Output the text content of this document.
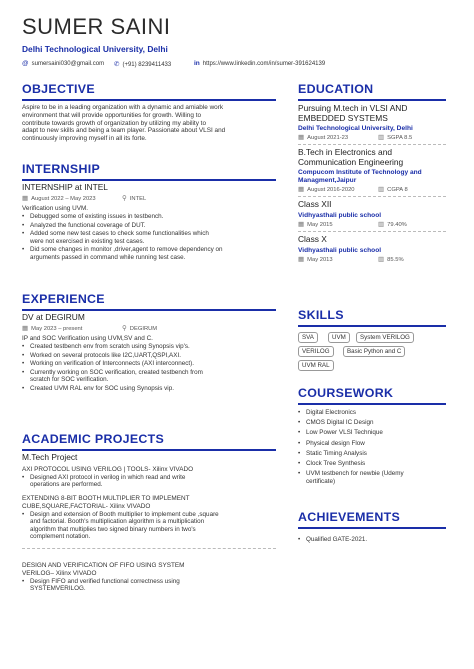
SUMER SAINI
Delhi Technological University, Delhi
@ sumersaini030@gmail.com ✆ (+91) 8239411433	in https://www.linkedin.com/in/sumer-391624139
OBJECTIVE
Aspire to be in a leading organization with a dynamic and amiable work
environment that will provide opportunities for growth. Willing to
contribute towards growth of organization by utilizing my ability to
adapt to new skills and being a team player. Passionate about VLSI and
continuously improving myself in all its forte.
INTERNSHIP
INTERNSHIP at INTEL
▦ August 2022 – May 2023	⚲ INTEL
Verification using UVM.
• Debugged some of existing issues in testbench.
• Analyzed the functional coverage of DUT.
• Added some new test cases to check some functionalities which
were not exercised in existing test cases.
• Did some changes in monitor ,driver,agent to remove dependency on
arguments passed in command while running test case.
EXPERIENCE
DV at DEGIRUM
▦ May 2023 – present	⚲ DEGIRUM
IP and SOC Verification using UVM,SV and C.
• Created testbench env from scratch using Synopsis vip's.
• Worked on several protocols like I2C,UART,QSPI,AXI.
• Working on verification of Interconnects (AXI interconnect).
• Currently working on SOC verification, created testbench from
scratch for SOC verification.
• Created UVM RAL env for SOC using Synopsis vip.
ACADEMIC PROJECTS
M.Tech Project
AXI PROTOCOL USING VERILOG | TOOLS- Xilinx VIVADO
• Designed AXI protocol in verilog in which read and write
operations are performed.
EXTENDING 8-BIT BOOTH MULTIPLIER TO IMPLEMENT
CUBE,SQUARE,FACTORIAL- Xilinx VIVADO
• Design and extension of Booth multiplier to implement cube ,square
and factorial. Booth's multiplication algorithm is a multiplication
algorithm that multiplies two signed binary numbers in two's
complement notation.
DESIGN AND VERIFICATION OF FIFO USING SYSTEM
VERILOG– Xilinx VIVADO
• Design FIFO and verified functional correctness using
SYSTEMVERILOG.
EDUCATION
Pursuing M.tech in VLSI AND
EMBEDDED SYSTEMS
Delhi Technological University, Delhi
▦ August 2021-23	▥ SGPA 8.5
B.Tech in Electronics and
Communication Engineering
Compucom Institute of Technology and
Managment,Jaipur
▦ August 2016-2020	▥ CGPA 8
Class XII
Vidhyasthali public school
▦ May 2015	▥ 79.40%
Class X
Vidhyasthali public school
▦ May 2013	▥ 85.5%
SKILLS
SVA	UVM	System VERILOG
VERILOG	Basic Python and C
UVM RAL
COURSEWORK
• Digital Electronics
• CMOS Digital IC Design
• Low Power VLSI Technique
• Physical design Flow
• Static Timing Analysis
• Clock Tree Synthesis
• UVM testbench for newbie (Udemy
certificate)
ACHIEVEMENTS
• Qualified GATE-2021.
